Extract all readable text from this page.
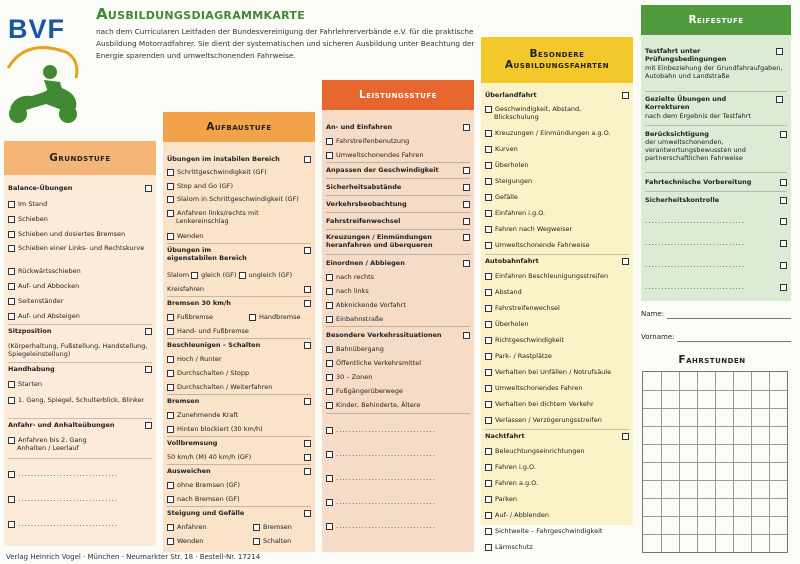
BVF Ausbildungsdiagrammkarte
nach dem Curricularen Leitfaden der Bundesvereinigung der Fahrlehrerverbände e.V. für die praktische Ausbildung Motorradfahrer. Sie dient der systematischen und sicheren Ausbildung unter Beachtung der Energie sparenden und umweltschonenden Fahrweise.
Grundstufe
Balance-Übungen
Im Stand
Schieben
Schieben und dosiertes Bremsen
Schieben einer Links- und Rechtskurve
Rückwärtsschieben
Auf- und Abbocken
Seitenständer
Auf- und Absteigen
Sitzposition
(Körperhaltung, Fußstellung, Handstellung, Spiegeleinstellung)
Handhabung
Starten
1. Gang, Spiegel, Schulterblick, Blinker
Anfahr- und Anhalteübungen
Anfahren bis 2. Gang Anhalten / Leerlauf
...............................
...............................
...............................
Aufbaustufe
Übungen im instabilen Bereich
Schrittgeschwindigkeit (GF)
Stop and Go (GF)
Slalom in Schrittgeschwindigkeit (GF)
Anfahren links/rechts mit Lenkereinschlag
Wenden
Übungen im eigenstabilen Bereich
Slalom gleich (GF) ungleich (GF)
Kreisfahren
Bremsen 30 km/h
Fußbremse	Handbremse
Hand- und Fußbremse
Beschleunigen – Schalten
Hoch / Runter
Durchschalten / Stopp
Durchschalten / Weiterfahren
Bremsen
Zunehmende Kraft
Hinten blockiert (30 km/h)
Vollbremsung
50 km/h (M) 40 km/h (GF)
Ausweichen
ohne Bremsen (GF)
nach Bremsen (GF)
Steigung und Gefälle
Anfahren	Bremsen
Wenden	Schalten
Leistungsstufe
An- und Einfahren
Fahrstreifenbenutzung
Umweltschonendes Fahren
Anpassen der Geschwindigkeit
Sicherheitsabstände
Verkehrsbeobachtung
Fahrstreifenwechsel
Kreuzungen / Einmündungen heranfahren und überqueren
Einordnen / Abbiegen
nach rechts
nach links
Abknickende Vorfahrt
Einbahnstraße
Besondere Verkehrssituationen
Bahnübergang
Öffentliche Verkehrsmittel
30 – Zonen
Fußgängerüberwege
Kinder, Behinderte, Ältere
...............................
...............................
...............................
...............................
...............................
Besondere Ausbildungsfahrten
Überlandfahrt
Geschwindigkeit, Abstand, Blickschulung
Kreuzungen / Einmündungen a.g.O.
Kurven
Überholen
Steigungen
Gefälle
Einfahren i.g.O.
Fahren nach Wegweiser
Umweltschonende Fahrweise
Autobahnfahrt
Einfahren Beschleunigungsstreifen
Abstand
Fahrstreifenwechsel
Überholen
Richtgeschwindigkeit
Park- / Rastplätze
Verhalten bei Unfällen / Notrufsäule
Umweltschonendes Fahren
Verhalten bei dichtem Verkehr
Verlassen / Verzögerungsstreifen
Nachtfahrt
Beleuchtungseinrichtungen
Fahren i.g.O.
Fahren a.g.O.
Parken
Auf- / Abblenden
Sichtweite – Fahrgeschwindigkeit
Lärmschutz
Reifestufe
Testfahrt unter Prüfungsbedingungen
mit Einbeziehung der Grundfahraufgaben, Autobahn und Landstraße
Gezielte Übungen und Korrekturen
nach dem Ergebnis der Testfahrt
Berücksichtigung
der umweltschonenden, verantwortungsbewussten und partnerschaftlichen Fahrweise
Fahrtechnische Vorbereitung
Sicherheitskontrolle
...............................
...............................
...............................
...............................
Name:
Vorname:
Fahrstunden
Verlag Heinrich Vogel · München · Neumarkter Str. 18 · Bestell-Nr. 17214
